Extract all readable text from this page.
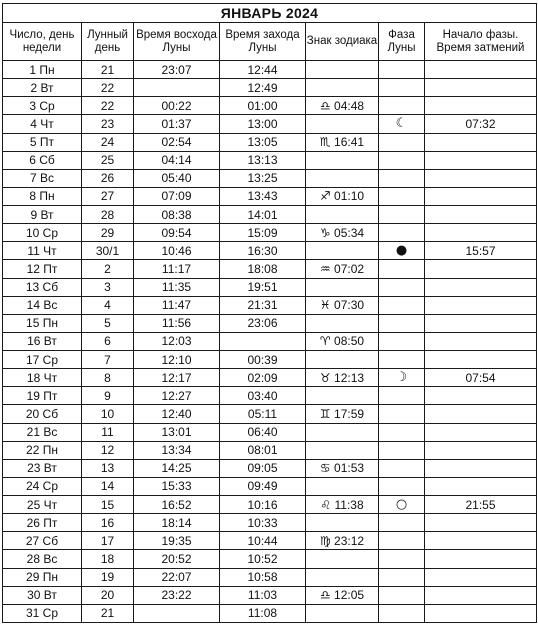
ЯНВАРЬ 2024						
Число, день недели	Лунный день	Время восхода Луны	Время захода Луны	Знак зодиака	Фаза Луны	Начало фазы. Время затмений
1 Пн	21	23:07	12:44			
2 Вт	22		12:49			
3 Ср	22	00:22	01:00	♎ 04:48		
4 Чт	23	01:37	13:00		☾	07:32
5 Пт	24	02:54	13:05	♏ 16:41		
6 Сб	25	04:14	13:13			
7 Вс	26	05:40	13:25			
8 Пн	27	07:09	13:43	♐ 01:10		
9 Вт	28	08:38	14:01			
10 Ср	29	09:54	15:09	♑ 05:34		
11 Чт	30/1	10:46	16:30		●	15:57
12 Пт	2	11:17	18:08	♒ 07:02		
13 Сб	3	11:35	19:51			
14 Вс	4	11:47	21:31	♓ 07:30		
15 Пн	5	11:56	23:06			
16 Вт	6	12:03		♈ 08:50		
17 Ср	7	12:10	00:39			
18 Чт	8	12:17	02:09	♉ 12:13	☽	07:54
19 Пт	9	12:27	03:40			
20 Сб	10	12:40	05:11	♊ 17:59		
21 Вс	11	13:01	06:40			
22 Пн	12	13:34	08:01			
23 Вт	13	14:25	09:05	♋ 01:53		
24 Ср	14	15:33	09:49			
25 Чт	15	16:52	10:16	♌ 11:38	○	21:55
26 Пт	16	18:14	10:33			
27 Сб	17	19:35	10:44	♍ 23:12		
28 Вс	18	20:52	10:52			
29 Пн	19	22:07	10:58			
30 Вт	20	23:22	11:03	♎ 12:05		
31 Ср	21		11:08			
